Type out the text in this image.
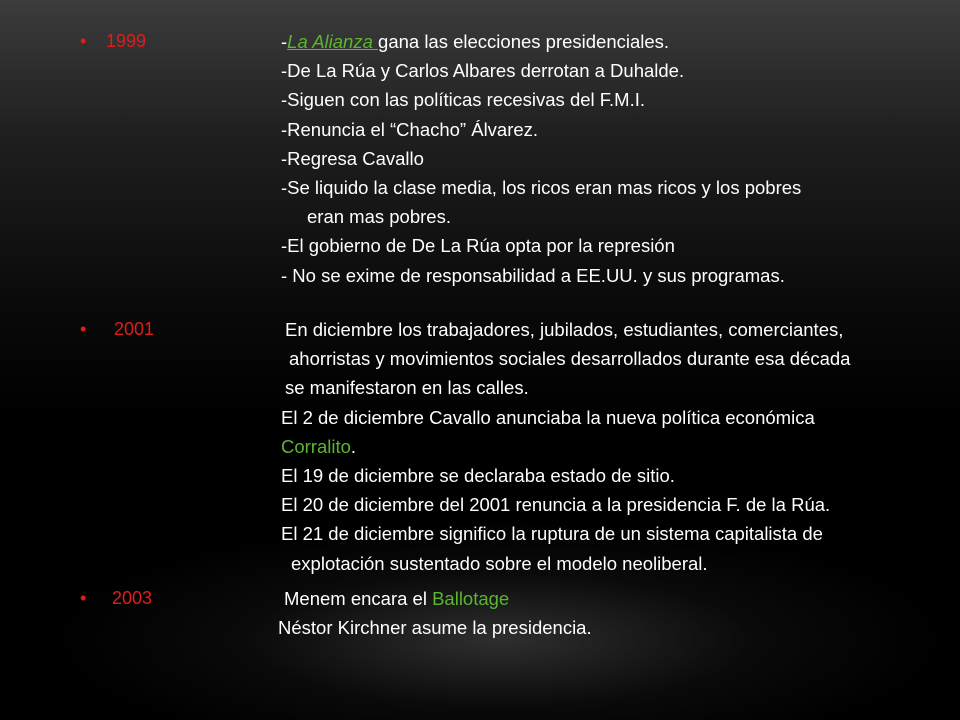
• 1999	-La Alianza gana las elecciones presidenciales.
-De La Rúa y Carlos Albares derrotan a Duhalde.
-Siguen con las políticas recesivas del F.M.I.
-Renuncia el “Chacho” Álvarez.
-Regresa Cavallo
-Se liquido la clase media, los ricos eran mas ricos y los pobres
eran mas pobres.
-El gobierno de De La Rúa opta por la represión
- No se exime de responsabilidad a EE.UU. y sus programas.
• 2001	En diciembre los trabajadores, jubilados, estudiantes, comerciantes,
ahorristas y movimientos sociales desarrollados durante esa década
se manifestaron en las calles.
El 2 de diciembre Cavallo anunciaba la nueva política económica
Corralito.
El 19 de diciembre se declaraba estado de sitio.
El 20 de diciembre del 2001 renuncia a la presidencia F. de la Rúa.
El 21 de diciembre significo la ruptura de un sistema capitalista de
explotación sustentado sobre el modelo neoliberal.
• 2003	Menem encara el Ballotage
Néstor Kirchner asume la presidencia.
